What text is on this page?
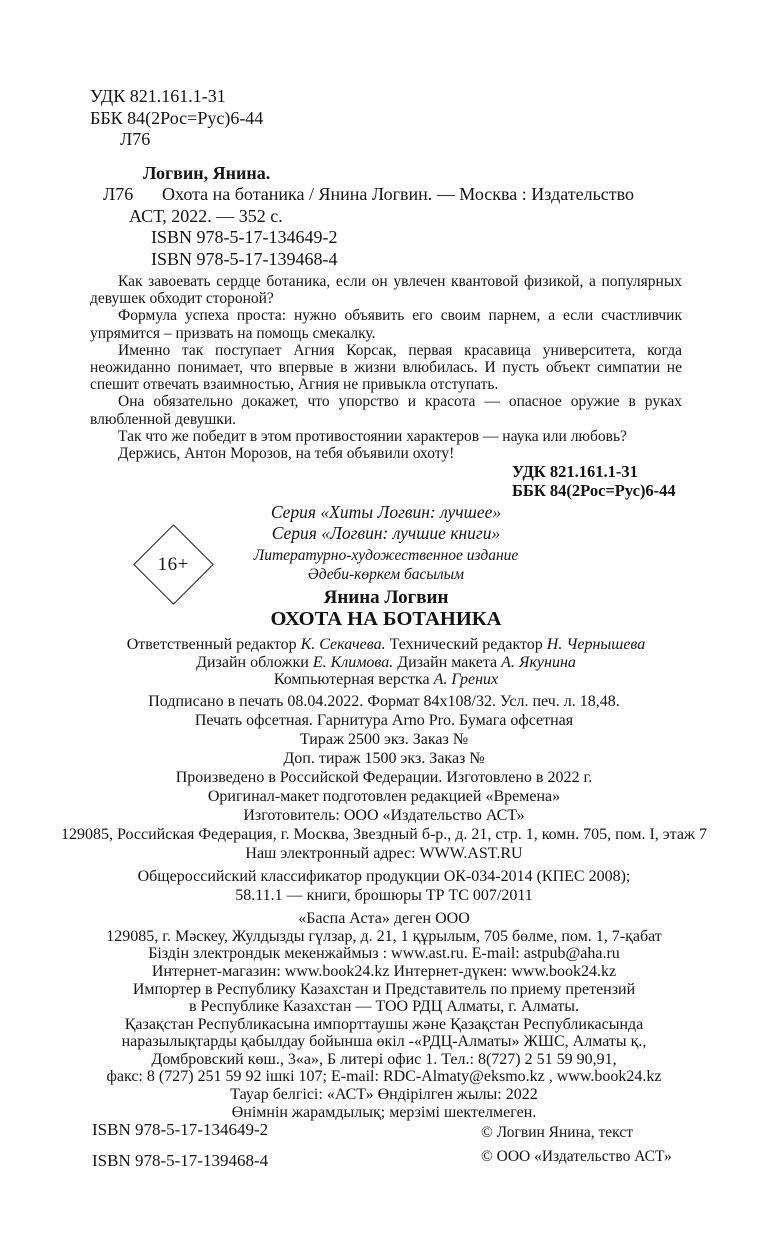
УДК 821.161.1-31
ББК 84(2Рос=Рус)6-44
Л76
Логвин, Янина.
Л76 Охота на ботаника / Янина Логвин. — Москва : Издательство
АСТ, 2022. — 352 с.
ISBN 978-5-17-134649-2
ISBN 978-5-17-139468-4

Как завоевать сердце ботаника, если он увлечен квантовой физикой, а популярных девушек обходит стороной?

Формула успеха проста: нужно объявить его своим парнем, а если счастливчик упрямится – призвать на помощь смекалку.

Именно так поступает Агния Корсак, первая красавица университета, когда неожиданно понимает, что впервые в жизни влюбилась. И пусть объект симпатии не спешит отвечать взаимностью, Агния не привыкла отступать.

Она обязательно докажет, что упорство и красота — опасное оружие в руках влюбленной девушки.

Так что же победит в этом противостоянии характеров — наука или любовь?

Держись, Антон Морозов, на тебя объявили охоту!

УДК 821.161.1-31
ББК 84(2Рос=Рус)6-44
Серия «Хиты Логвин: лучшее»
Серия «Логвин: лучшие книги»
Литературно-художественное издание
Әдеби-көркем басылым
Янина Логвин
ОХОТА НА БОТАНИКА
Ответственный редактор К. Секачева. Технический редактор Н. Чернышева
Дизайн обложки Е. Климова. Дизайн макета А. Якунина
Компьютерная верстка А. Грених
Подписано в печать 08.04.2022. Формат 84х108/32. Усл. печ. л. 18,48.
Печать офсетная. Гарнитура Arno Pro. Бумага офсетная
Тираж 2500 экз. Заказ №
Доп. тираж 1500 экз. Заказ №
Произведено в Российской Федерации. Изготовлено в 2022 г.
Оригинал-макет подготовлен редакцией «Времена»
Изготовитель: ООО «Издательство АСТ»
129085, Российская Федерация, г. Москва, Звездный б-р., д. 21, стр. 1, комн. 705, пом. I, этаж 7
Наш электронный адрес: WWW.AST.RU
Общероссийский классификатор продукции ОК-034-2014 (КПЕС 2008);
58.11.1 — книги, брошюры ТР ТС 007/2011
«Баспа Аста» деген ООО
129085, г. Мәскеу, Жулдызды гүлзар, д. 21, 1 құрылым, 705 бөлме, пом. 1, 7-қабат
Біздін злектрондык мекенжаймыз : www.ast.ru. E-mail: astpub@aha.ru
Интернет-магазин: www.book24.kz Интернет-дүкен: www.book24.kz
Импортер в Республику Казахстан и Представитель по приему претензий
в Республике Казахстан — ТОО РДЦ Алматы, г. Алматы.
Қазақстан Республикасына импорттаушы және Қазақстан Республикасында
наразылықтарды қабылдау бойынша өкіл -«РДЦ-Алматы» ЖШС, Алматы қ.,
Домбровский көш., 3«а», Б литері офис 1. Тел.: 8(727) 2 51 59 90,91,
факс: 8 (727) 251 59 92 ішкі 107; E-mail: RDC-Almaty@eksmo.kz , www.book24.kz
Тауар белгісі: «АСТ» Өндірілген жылы: 2022
Өнімнін жарамдылық; мерзімі шектелмеген.
16+
ISBN 978-5-17-134649-2
ISBN 978-5-17-139468-4
© Логвин Янина, текст
© ООО «Издательство АСТ»
